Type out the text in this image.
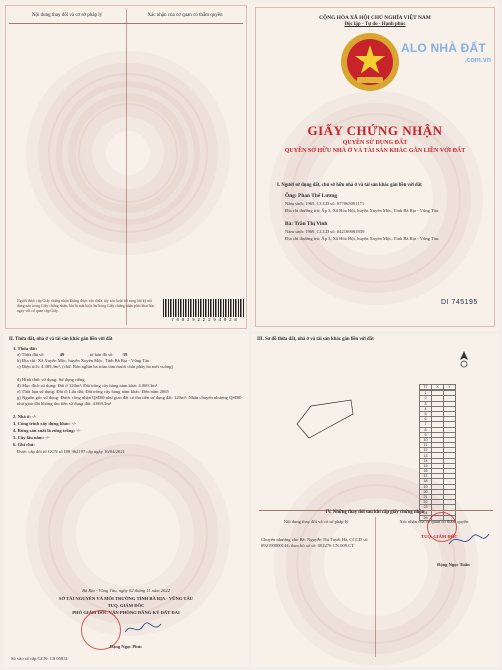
Nội dung thay đổi và cơ sở pháp lý	Xác nhận của cơ quan có thẩm quyền
Người được cấp Giấy chứng nhận không được sửa chữa, tẩy xóa hoặc bổ sung bất kỳ nội dung nào trong Giấy chứng nhận; khi bị mất hoặc hư hỏng Giấy chứng nhận phải khai báo ngay với cơ quan cấp Giấy.
7 6 0 2 9 2 2 2 9 4 0 2 8
CỘNG HÒA XÃ HỘI CHỦ NGHĨA VIỆT NAM
Độc lập - Tự do - Hạnh phúc
ALO NHÀ ĐẤT
.com.vn
GIẤY CHỨNG NHẬN
QUYỀN SỬ DỤNG ĐẤT
QUYỀN SỞ HỮU NHÀ Ở VÀ TÀI SẢN KHÁC GẮN LIỀN VỚI ĐẤT
I. Người sử dụng đất, chủ sở hữu nhà ở và tài sản khác gắn liền với đất
Ông: Phan Thế Lương
Năm sinh: 1965, CCCD số: 077065001171
Địa chỉ thường trú: Ấp 3, Xã Hòa Hội, huyện Xuyên Mộc, Tỉnh Bà Rịa - Vũng Tàu.
Bà: Trần Thị Vinh
Năm sinh: 1969, CCCD số: 042169001839
Địa chỉ thường trú: Ấp 3, Xã Hòa Hội, huyện Xuyên Mộc, Tỉnh Bà Rịa - Vũng Tàu.
DI 745195
II. Thửa đất, nhà ở và tài sản khác gắn liền với đất
1. Thửa đất:
a) Thửa đất số:	49	, tờ bản đồ số: 39
b) Địa chỉ: Xã Xuyên Mộc, huyện Xuyên Mộc, Tỉnh Bà Rịa - Vũng Tàu
c) Diện tích: 4.389,3m², (chữ: Bốn nghìn ba trăm tám mươi chín phẩy ba mét vuông)
d) Hình thức sử dụng: Sử dụng riêng
đ) Mục đích sử dụng: Đất ở 120m²; Đất trồng cây hàng năm khác 4.069,3m²
e) Thời hạn sử dụng: Đất ở: Lâu dài; Đất trồng cây hàng năm khác: Đến năm 2065
g) Nguồn gốc sử dụng: Được công nhận QSDĐ như giao đất có thu tiền sử dụng đất: 120m²; Nhận chuyển nhượng QSDĐ như giao đất không thu tiền sử dụng đất: 4.069,3m²
2. Nhà ở: -/-
3. Công trình xây dựng khác: -/-
4. Rừng sản xuất là rừng trồng: -/-
5. Cây lâu năm: -/-
6. Ghi chú:
Được cấp đổi từ GCN số DB 362197 cấp ngày 16/04/2021
Bà Rịa - Vũng Tàu, ngày 02 tháng 11 năm 2022
SỞ TÀI NGUYÊN VÀ MÔI TRƯỜNG TỈNH BÀ RỊA - VŨNG TÀU
TUQ. GIÁM ĐỐC
PHÓ GIÁM ĐỐC VĂN PHÒNG ĐĂNG KÝ ĐẤT ĐAI
Đặng Ngọc Phúc
Số vào sổ cấp GCN: CS 05831
III. Sơ đồ thửa đất, nhà ở và tài sản khác gắn liền với đất
TT	X	Y
1		
2		
3		
4		
5		
6		
7		
8		
9		
10		
11		
12		
13		
14		
15		
16		
17		
18		
19		
20		
21		
22		
23		
24		
25		
IV. Những thay đổi sau khi cấp giấy chứng nhận
Nội dung thay đổi và cơ sở pháp lý	Xác nhận của cơ quan có thẩm quyền
Chuyển nhượng cho Bà: Nguyễn Thị Tuyết Hà, CCCD số: 092199000144; theo hồ sơ số: 002276 CN.009.CT
TUQ. GIÁM ĐỐC
Đặng Ngọc Tuấn
